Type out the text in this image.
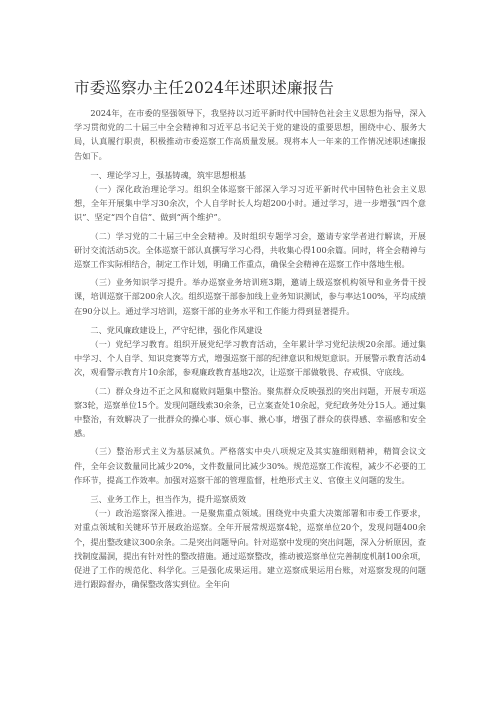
市委巡察办主任2024年述职述廉报告

2024年，在市委的坚强领导下，我坚持以习近平新时代中国特色社会主义思想为指导，深入学习贯彻党的二十届三中全会精神和习近平总书记关于党的建设的重要思想，围绕中心、服务大局，认真履行职责，积极推动市委巡察工作高质量发展。现将本人一年来的工作情况述职述廉报告如下。

一、理论学习上，强基铸魂，筑牢思想根基

（一）深化政治理论学习。组织全体巡察干部深入学习习近平新时代中国特色社会主义思想，全年开展集中学习30余次，个人自学时长人均超200小时。通过学习，进一步增强“四个意识”、坚定“四个自信”、做到“两个维护”。

（二）学习党的二十届三中全会精神。及时组织专题学习会，邀请专家学者进行解读，开展研讨交流活动5次。全体巡察干部认真撰写学习心得，共收集心得100余篇。同时，将全会精神与巡察工作实际相结合，制定工作计划，明确工作重点，确保全会精神在巡察工作中落地生根。

（三）业务知识学习提升。举办巡察业务培训班3期，邀请上级巡察机构领导和业务骨干授课，培训巡察干部200余人次。组织巡察干部参加线上业务知识测试，参与率达100%，平均成绩在90分以上。通过学习培训，巡察干部的业务水平和工作能力得到显著提升。

二、党风廉政建设上，严守纪律，强化作风建设

（一）党纪学习教育。组织开展党纪学习教育活动，全年累计学习党纪法规20余部。通过集中学习、个人自学、知识竞赛等方式，增强巡察干部的纪律意识和规矩意识。开展警示教育活动4次，观看警示教育片10余部，参观廉政教育基地2次，让巡察干部做敬畏、存戒惧、守底线。

（二）群众身边不正之风和腐败问题集中整治。聚焦群众反映强烈的突出问题，开展专项巡察3轮，巡察单位15个。发现问题线索30余条，已立案查处10余起，党纪政务处分15人。通过集中整治，有效解决了一批群众的操心事、烦心事、揪心事，增强了群众的获得感、幸福感和安全感。

（三）整治形式主义为基层减负。严格落实中央八项规定及其实施细则精神，精简会议文件，全年会议数量同比减少20%，文件数量同比减少30%。规范巡察工作流程，减少不必要的工作环节，提高工作效率。加强对巡察干部的管理监督，杜绝形式主义、官僚主义问题的发生。

三、业务工作上，担当作为，提升巡察质效

（一）政治巡察深入推进。一是聚焦重点领域。围绕党中央重大决策部署和市委工作要求，对重点领域和关键环节开展政治巡察。全年开展常规巡察4轮，巡察单位20个，发现问题400余个，提出整改建议300余条。二是突出问题导向。针对巡察中发现的突出问题，深入分析原因，查找制度漏洞，提出有针对性的整改措施。通过巡察整改，推动被巡察单位完善制度机制100余项，促进了工作的规范化、科学化。三是强化成果运用。建立巡察成果运用台账，对巡察发现的问题进行跟踪督办，确保整改落实到位。全年向
